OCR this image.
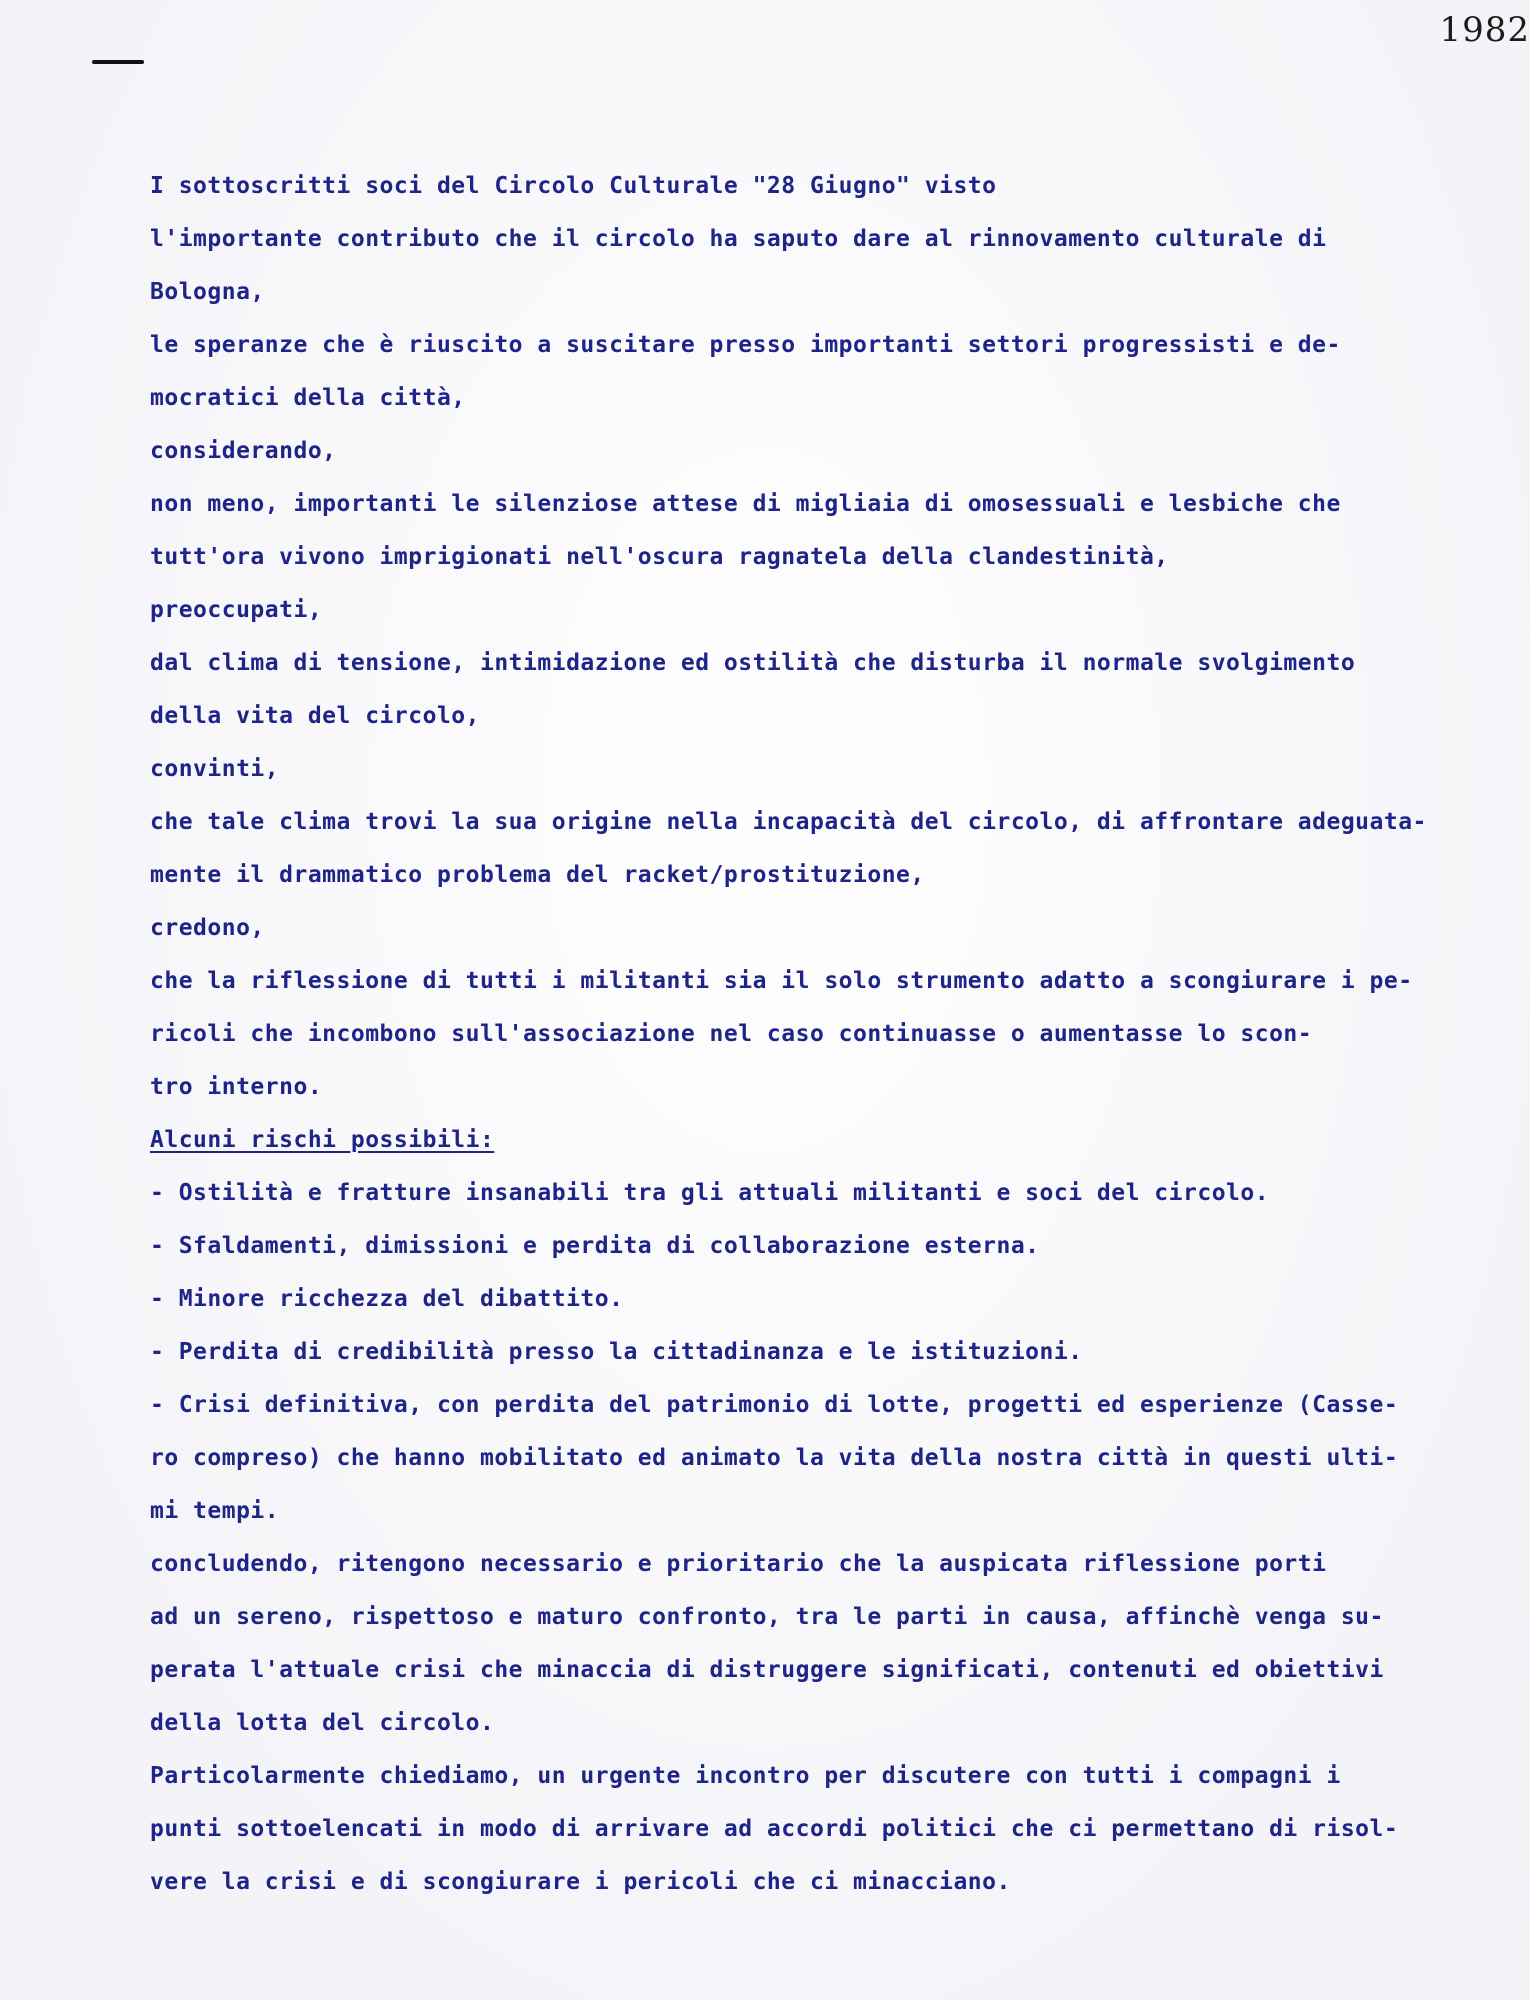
1982
I sottoscritti soci del Circolo Culturale "28 Giugno" visto
l'importante contributo che il circolo ha saputo dare al rinnovamento culturale di
Bologna,
le speranze che è riuscito a suscitare presso importanti settori progressisti e de-
mocratici della città,
considerando,
non meno, importanti le silenziose attese di migliaia di omosessuali e lesbiche che
tutt'ora vivono imprigionati nell'oscura ragnatela della clandestinità,
preoccupati,
dal clima di tensione, intimidazione ed ostilità che disturba il normale svolgimento
della vita del circolo,
convinti,
che tale clima trovi la sua origine nella incapacità del circolo, di affrontare adeguata-
mente il drammatico problema del racket/prostituzione,
credono,
che la riflessione di tutti i militanti sia il solo strumento adatto a scongiurare i pe-
ricoli che incombono sull'associazione nel caso continuasse o aumentasse lo scon-
tro interno.
Alcuni rischi possibili:
- Ostilità e fratture insanabili tra gli attuali militanti e soci del circolo.
- Sfaldamenti, dimissioni e perdita di collaborazione esterna.
- Minore ricchezza del dibattito.
- Perdita di credibilità presso la cittadinanza e le istituzioni.
- Crisi definitiva, con perdita del patrimonio di lotte, progetti ed esperienze (Casse-
ro compreso) che hanno mobilitato ed animato la vita della nostra città in questi ulti-
mi tempi.
concludendo, ritengono necessario e prioritario che la auspicata riflessione porti
ad un sereno, rispettoso e maturo confronto, tra le parti in causa, affinchè venga su-
perata l'attuale crisi che minaccia di distruggere significati, contenuti ed obiettivi
della lotta del circolo.
Particolarmente chiediamo, un urgente incontro per discutere con tutti i compagni i
punti sottoelencati in modo di arrivare ad accordi politici che ci permettano di risol-
vere la crisi e di scongiurare i pericoli che ci minacciano.
